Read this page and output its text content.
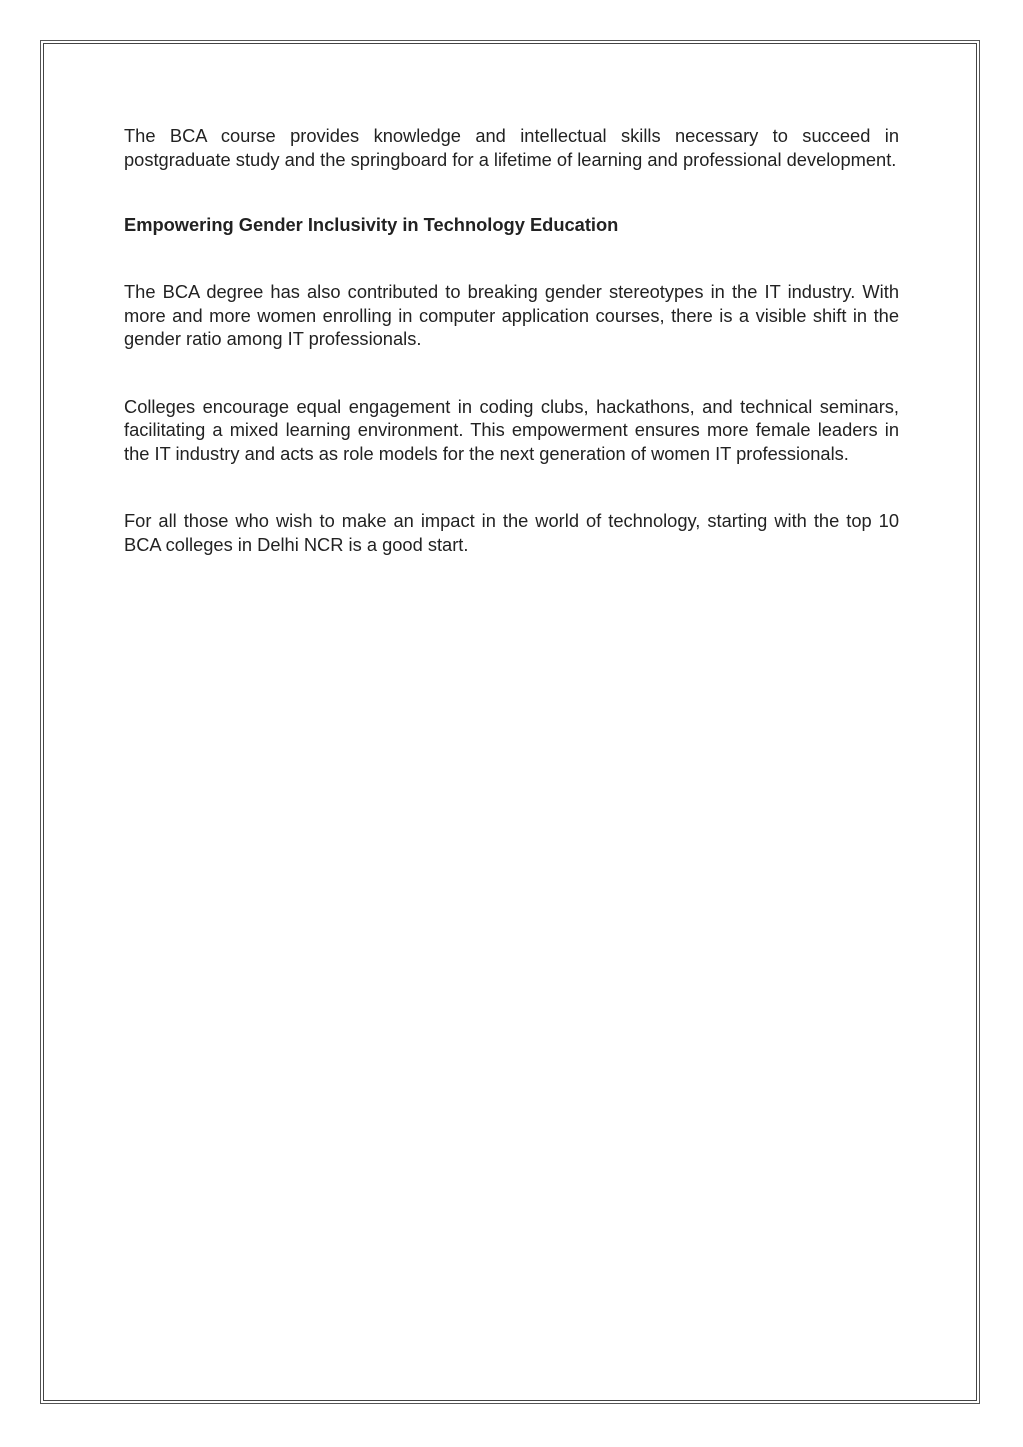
The BCA course provides knowledge and intellectual skills necessary to succeed in postgraduate study and the springboard for a lifetime of learning and professional development.

Empowering Gender Inclusivity in Technology Education

The BCA degree has also contributed to breaking gender stereotypes in the IT industry. With more and more women enrolling in computer application courses, there is a visible shift in the gender ratio among IT professionals.

Colleges encourage equal engagement in coding clubs, hackathons, and technical seminars, facilitating a mixed learning environment. This empowerment ensures more female leaders in the IT industry and acts as role models for the next generation of women IT professionals.

For all those who wish to make an impact in the world of technology, starting with the top 10 BCA colleges in Delhi NCR is a good start.
